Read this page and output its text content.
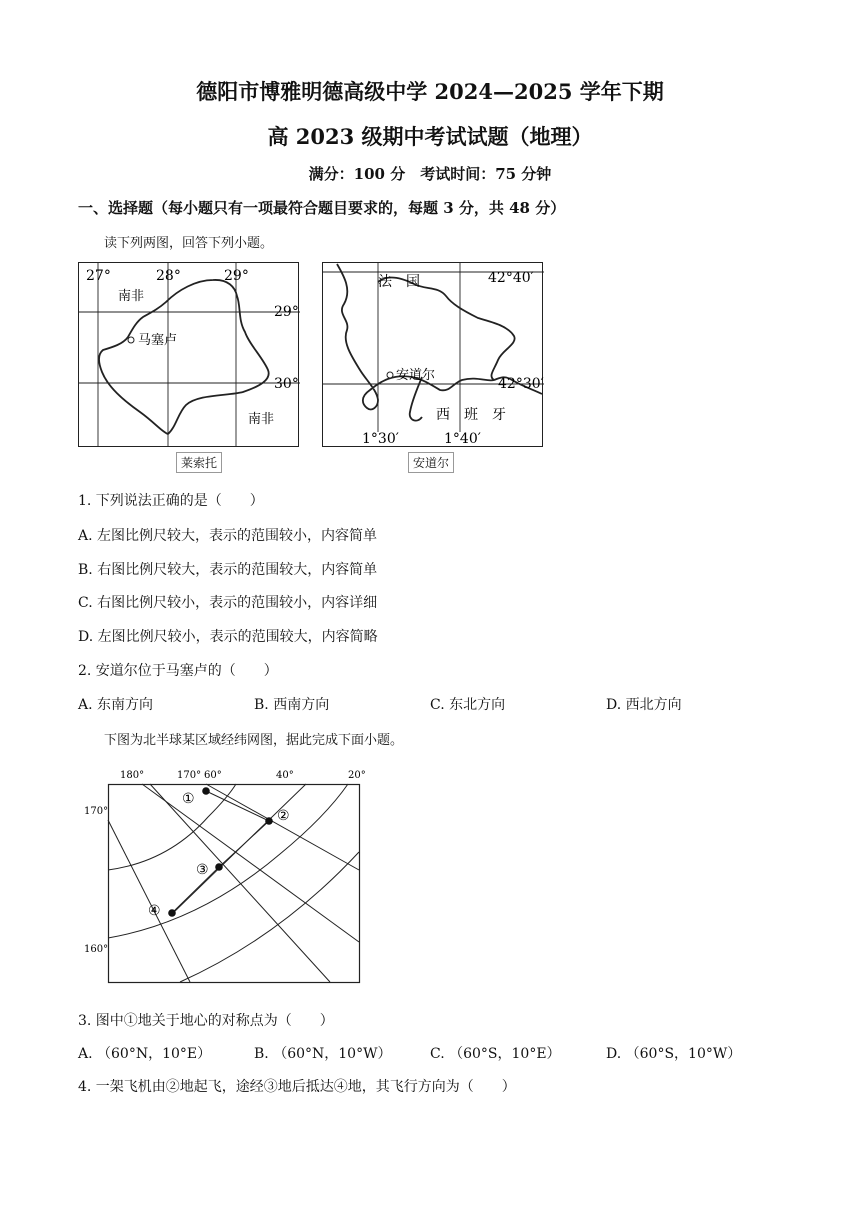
德阳市博雅明德高级中学 2024—2025 学年下期
高 2023 级期中考试试题（地理）
满分：100 分　考试时间：75 分钟
一、选择题（每小题只有一项最符合题目要求的，每题 3 分，共 48 分）
读下列两图，回答下列小题。
27°	28°	29°
29°
30°
南非
南非
马塞卢
莱索托
法　国	42°40′
42°30′
安道尔
西　班　牙
1°30′	1°40′
安道尔
1. 下列说法正确的是（　　）
A. 左图比例尺较大，表示的范围较小，内容简单
B. 右图比例尺较大，表示的范围较大，内容简单
C. 右图比例尺较小，表示的范围较小，内容详细
D. 左图比例尺较小，表示的范围较大，内容简略
2. 安道尔位于马塞卢的（　　）
A. 东南方向	B. 西南方向	C. 东北方向	D. 西北方向
下图为北半球某区域经纬网图，据此完成下面小题。
①
②
③
④
180°	170° 60°	40°	20°
170°
160°
3. 图中①地关于地心的对称点为（　　）
A. （60°N，10°E）	B. （60°N，10°W）	C. （60°S，10°E）	D. （60°S，10°W）
4. 一架飞机由②地起飞，途经③地后抵达④地，其飞行方向为（　　）
